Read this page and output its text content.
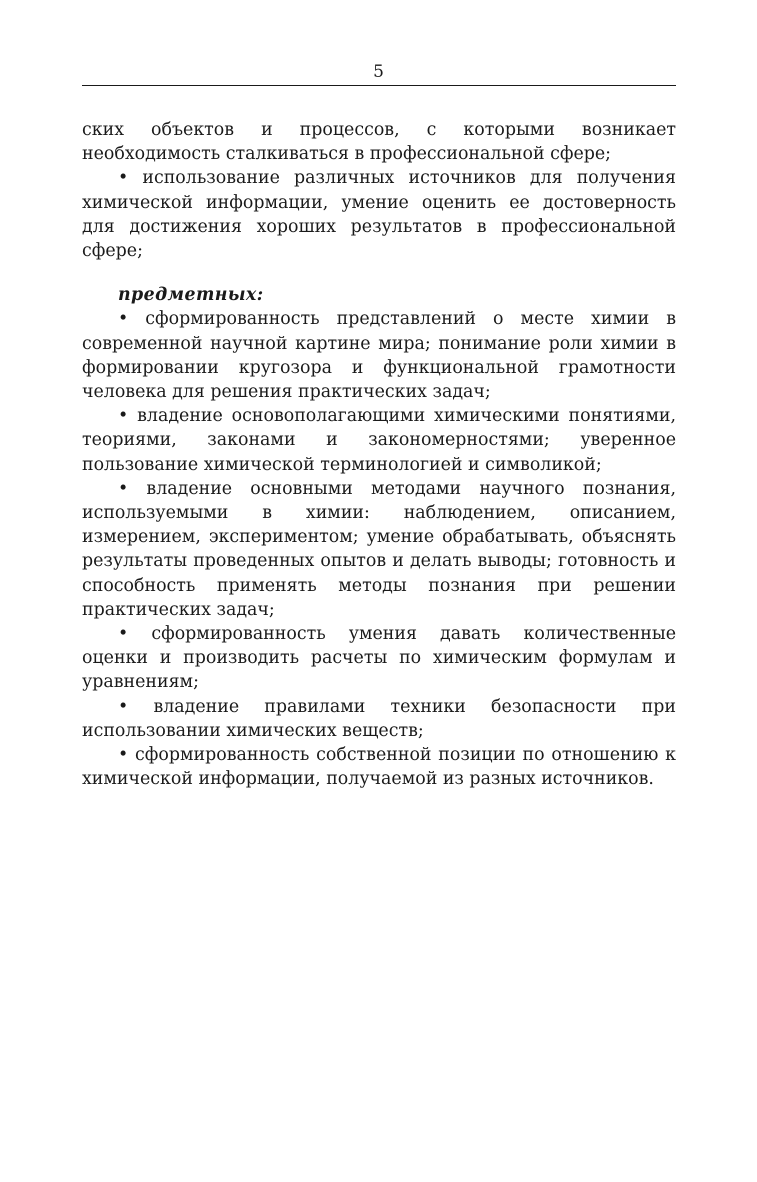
5

ских объектов и процессов, с которыми возникает необходимость сталкиваться в профессиональной сфере;

• использование различных источников для получения химической информации, умение оценить ее достоверность для достижения хороших результатов в профессиональной сфере;

предметных:

• сформированность представлений о месте химии в современной научной картине мира; понимание роли химии в формировании кругозора и функциональной грамотности человека для решения практических задач;

• владение основополагающими химическими понятиями, теориями, законами и закономерностями; уверенное пользование химической терминологией и символикой;

• владение основными методами научного познания, используемыми в химии: наблюдением, описанием, измерением, экспериментом; умение обрабатывать, объяснять результаты проведенных опытов и делать выводы; готовность и способность применять методы познания при решении практических задач;

• сформированность умения давать количественные оценки и производить расчеты по химическим формулам и уравнениям;

• владение правилами техники безопасности при использовании химических веществ;

• сформированность собственной позиции по отношению к химической информации, получаемой из разных источников.
